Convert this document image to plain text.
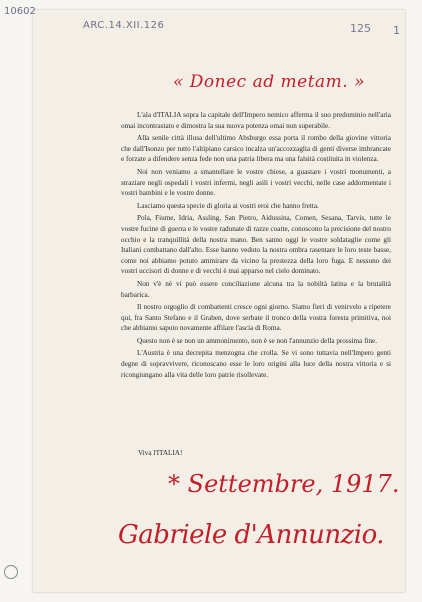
ARC.14.XII.126	125 1
« Donec ad metam. »

L'ala d'ITALIA sopra la capitale dell'Impero nemico afferma il suo predominio nell'aria omai incontrastato e dimostra la sua nuova potenza omai non superabile.

Alla senile città illusa dell'ultimo Absburgo essa porta il rombo della giovine vittoria che dall'Isonzo per tutto l'altipiano carsico incalza un'accozzaglia di genti diverse imbrancate e forzate a difendere senza fede non una patria libera ma una falsità costituita in violenza.

Noi non veniamo a smantellare le vostre chiese, a guastare i vostri monumenti, a straziare negli ospedali i vostri infermi, negli asili i vostri vecchi, nelle case addormentate i vostri bambini e le vostre donne.

Lasciamo questa specie di gloria ai vostri eroi che hanno fretta.

Pola, Fiume, Idria, Assling, San Pietro, Aidussina, Comen, Sesana, Tarvis, tutte le vostre fucine di guerra e le vostre radunate di razze coatte, conoscono la precisione del nostro occhio e la tranquillità della nostra mano. Ben sanno oggi le vostre soldataglie come gli Italiani combattano dall'alto. Esse hanno veduto la nostra ombra rasentare le loro teste basse, come noi abbiamo potuto ammirare da vicino la prestezza della loro fuga. E nessuno dei vostri uccisori di donne e di vecchi è mai apparso nel cielo dominato.

Non v'è nè vi può essere conciliazione alcuna tra la nobiltà latina e la brutalità barbarica.

Il nostro orgoglio di combattenti cresce ogni giorno. Siamo fieri di venirvelo a ripetere qui, fra Santo Stefano e il Graben, dove serbate il tronco della vostra foresta primitiva, noi che abbiamo saputo novamente affilare l'ascia di Roma.

Questo non è se non un ammonimento, non è se non l'annunzio della prossima fine.

L'Austria è una decrepita menzogna che crolla. Se vi sono tuttavia nell'Impero genti degne di sopravvivere, riconoscano esse le loro origini alla luce della nostra vittoria e si ricongiungano alla vita delle loro patrie risollevate.

Viva l'ITALIA!
* Settembre, 1917.
Gabriele d'Annunzio.
10602
